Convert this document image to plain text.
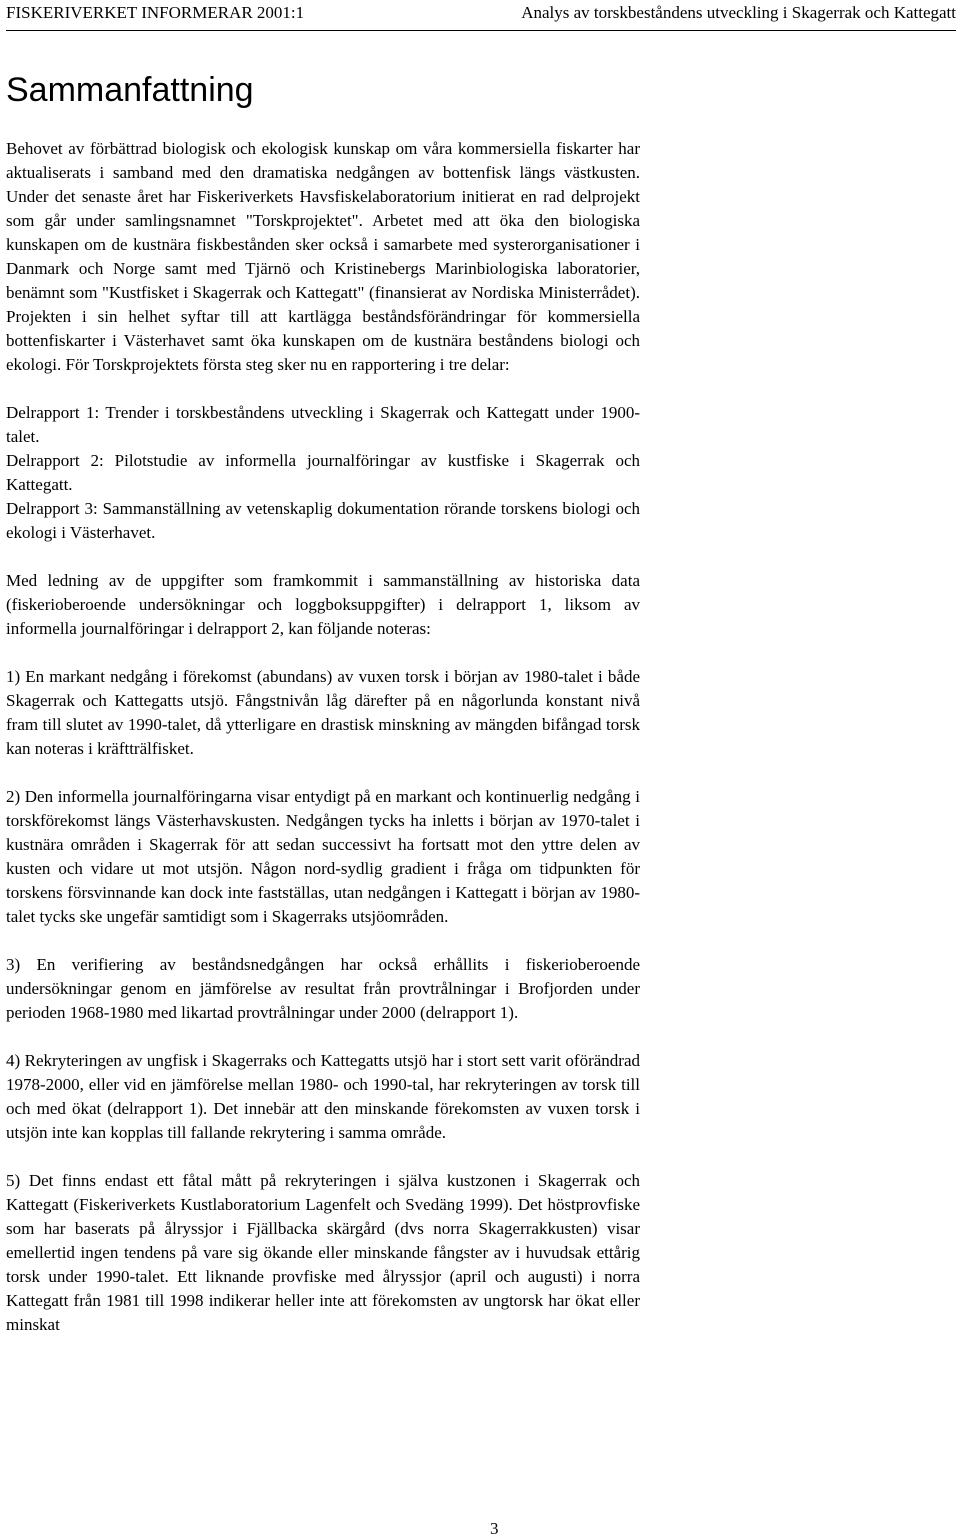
FISKERIVERKET INFORMERAR 2001:1	Analys av torskbeståndens utveckling i Skagerrak och Kattegatt
Sammanfattning

Behovet av förbättrad biologisk och ekologisk kunskap om våra kommersiella fiskarter har aktualiserats i samband med den dramatiska nedgången av bottenfisk längs västkusten. Under det senaste året har Fiskeriverkets Havsfiskelaboratorium initierat en rad delprojekt som går under samlingsnamnet "Torskprojektet". Arbetet med att öka den biologiska kunskapen om de kustnära fiskbestånden sker också i samarbete med systerorganisationer i Danmark och Norge samt med Tjärnö och Kristinebergs Marinbiologiska laboratorier, benämnt som "Kustfisket i Skagerrak och Kattegatt" (finansierat av Nordiska Ministerrådet). Projekten i sin helhet syftar till att kartlägga beståndsförändringar för kommersiella bottenfiskarter i Västerhavet samt öka kunskapen om de kustnära beståndens biologi och ekologi. För Torskprojektets första steg sker nu en rapportering i tre delar:

Delrapport 1: Trender i torskbeståndens utveckling i Skagerrak och Kattegatt under 1900-talet.

Delrapport 2: Pilotstudie av informella journalföringar av kustfiske i Skagerrak och Kattegatt.

Delrapport 3: Sammanställning av vetenskaplig dokumentation rörande torskens biologi och ekologi i Västerhavet.

Med ledning av de uppgifter som framkommit i sammanställning av historiska data (fiskerioberoende undersökningar och loggboksuppgifter) i delrapport 1, liksom av informella journalföringar i delrapport 2, kan följande noteras:

1) En markant nedgång i förekomst (abundans) av vuxen torsk i början av 1980-talet i både Skagerrak och Kattegatts utsjö. Fångstnivån låg därefter på en någorlunda konstant nivå fram till slutet av 1990-talet, då ytterligare en drastisk minskning av mängden bifångad torsk kan noteras i kräftträlfisket.

2) Den informella journalföringarna visar entydigt på en markant och kontinuerlig nedgång i torskförekomst längs Västerhavskusten. Nedgången tycks ha inletts i början av 1970-talet i kustnära områden i Skagerrak för att sedan successivt ha fortsatt mot den yttre delen av kusten och vidare ut mot utsjön. Någon nord-sydlig gradient i fråga om tidpunkten för torskens försvinnande kan dock inte fastställas, utan nedgången i Kattegatt i början av 1980-talet tycks ske ungefär samtidigt som i Skagerraks utsjöområden.

3) En verifiering av beståndsnedgången har också erhållits i fiskerioberoende undersökningar genom en jämförelse av resultat från provtrålningar i Brofjorden under perioden 1968-1980 med likartad provtrålningar under 2000 (delrapport 1).

4) Rekryteringen av ungfisk i Skagerraks och Kattegatts utsjö har i stort sett varit oförändrad 1978-2000, eller vid en jämförelse mellan 1980- och 1990-tal, har rekryteringen av torsk till och med ökat (delrapport 1). Det innebär att den minskande förekomsten av vuxen torsk i utsjön inte kan kopplas till fallande rekrytering i samma område.

5) Det finns endast ett fåtal mått på rekryteringen i själva kustzonen i Skagerrak och Kattegatt (Fiskeriverkets Kustlaboratorium Lagenfelt och Svedäng 1999). Det höstprovfiske som har baserats på ålryssjor i Fjällbacka skärgård (dvs norra Skagerrakkusten) visar emellertid ingen tendens på vare sig ökande eller minskande fångster av i huvudsak ettårig torsk under 1990-talet. Ett liknande provfiske med ålryssjor (april och augusti) i norra Kattegatt från 1981 till 1998 indikerar heller inte att förekomsten av ungtorsk har ökat eller minskat

3
